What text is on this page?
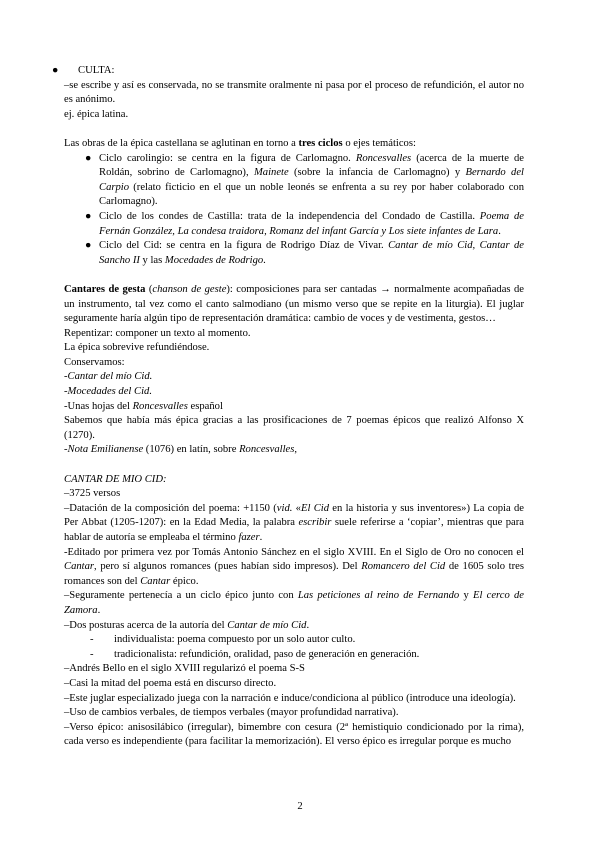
● CULTA:

–se escribe y así es conservada, no se transmite oralmente ni pasa por el proceso de refundición, el autor no es anónimo.

ej. épica latina.

Las obras de la épica castellana se aglutinan en torno a tres ciclos o ejes temáticos:

● Ciclo carolingio: se centra en la figura de Carlomagno. Roncesvalles (acerca de la muerte de Roldán, sobrino de Carlomagno), Mainete (sobre la infancia de Carlomagno) y Bernardo del Carpio (relato ficticio en el que un noble leonés se enfrenta a su rey por haber colaborado con Carlomagno).

● Ciclo de los condes de Castilla: trata de la independencia del Condado de Castilla. Poema de Fernán González, La condesa traidora, Romanz del infant García y Los siete infantes de Lara.

● Ciclo del Cid: se centra en la figura de Rodrigo Díaz de Vivar. Cantar de mío Cid, Cantar de Sancho II y las Mocedades de Rodrigo.

Cantares de gesta (chanson de geste): composiciones para ser cantadas → normalmente acompañadas de un instrumento, tal vez como el canto salmodiano (un mismo verso que se repite en la liturgia). El juglar seguramente haría algún tipo de representación dramática: cambio de voces y de vestimenta, gestos…

Repentizar: componer un texto al momento.

La épica sobrevive refundiéndose.

Conservamos:

-Cantar del mío Cid.

-Mocedades del Cid.

-Unas hojas del Roncesvalles español

Sabemos que había más épica gracias a las prosificaciones de 7 poemas épicos que realizó Alfonso X (1270).

-Nota Emilianense (1076) en latín, sobre Roncesvalles,

CANTAR DE MIO CID:

–3725 versos

–Datación de la composición del poema: +1150 (vid. «El Cid en la historia y sus inventores») La copia de Per Abbat (1205-1207): en la Edad Media, la palabra escribir suele referirse a ‘copiar’, mientras que para hablar de autoría se empleaba el término fazer.

-Editado por primera vez por Tomás Antonio Sánchez en el siglo XVIII. En el Siglo de Oro no conocen el Cantar, pero sí algunos romances (pues habían sido impresos). Del Romancero del Cid de 1605 solo tres romances son del Cantar épico.

–Seguramente pertenecía a un ciclo épico junto con Las peticiones al reino de Fernando y El cerco de Zamora.

–Dos posturas acerca de la autoría del Cantar de mío Cid.

- individualista: poema compuesto por un solo autor culto.

- tradicionalista: refundición, oralidad, paso de generación en generación.

–Andrés Bello en el siglo XVIII regularizó el poema S-S

–Casi la mitad del poema está en discurso directo.

–Este juglar especializado juega con la narración e induce/condiciona al público (introduce una ideología).

–Uso de cambios verbales, de tiempos verbales (mayor profundidad narrativa).

–Verso épico: anisosilábico (irregular), bimembre con cesura (2ª hemistiquio condicionado por la rima), cada verso es independiente (para facilitar la memorización). El verso épico es irregular porque es mucho

2
